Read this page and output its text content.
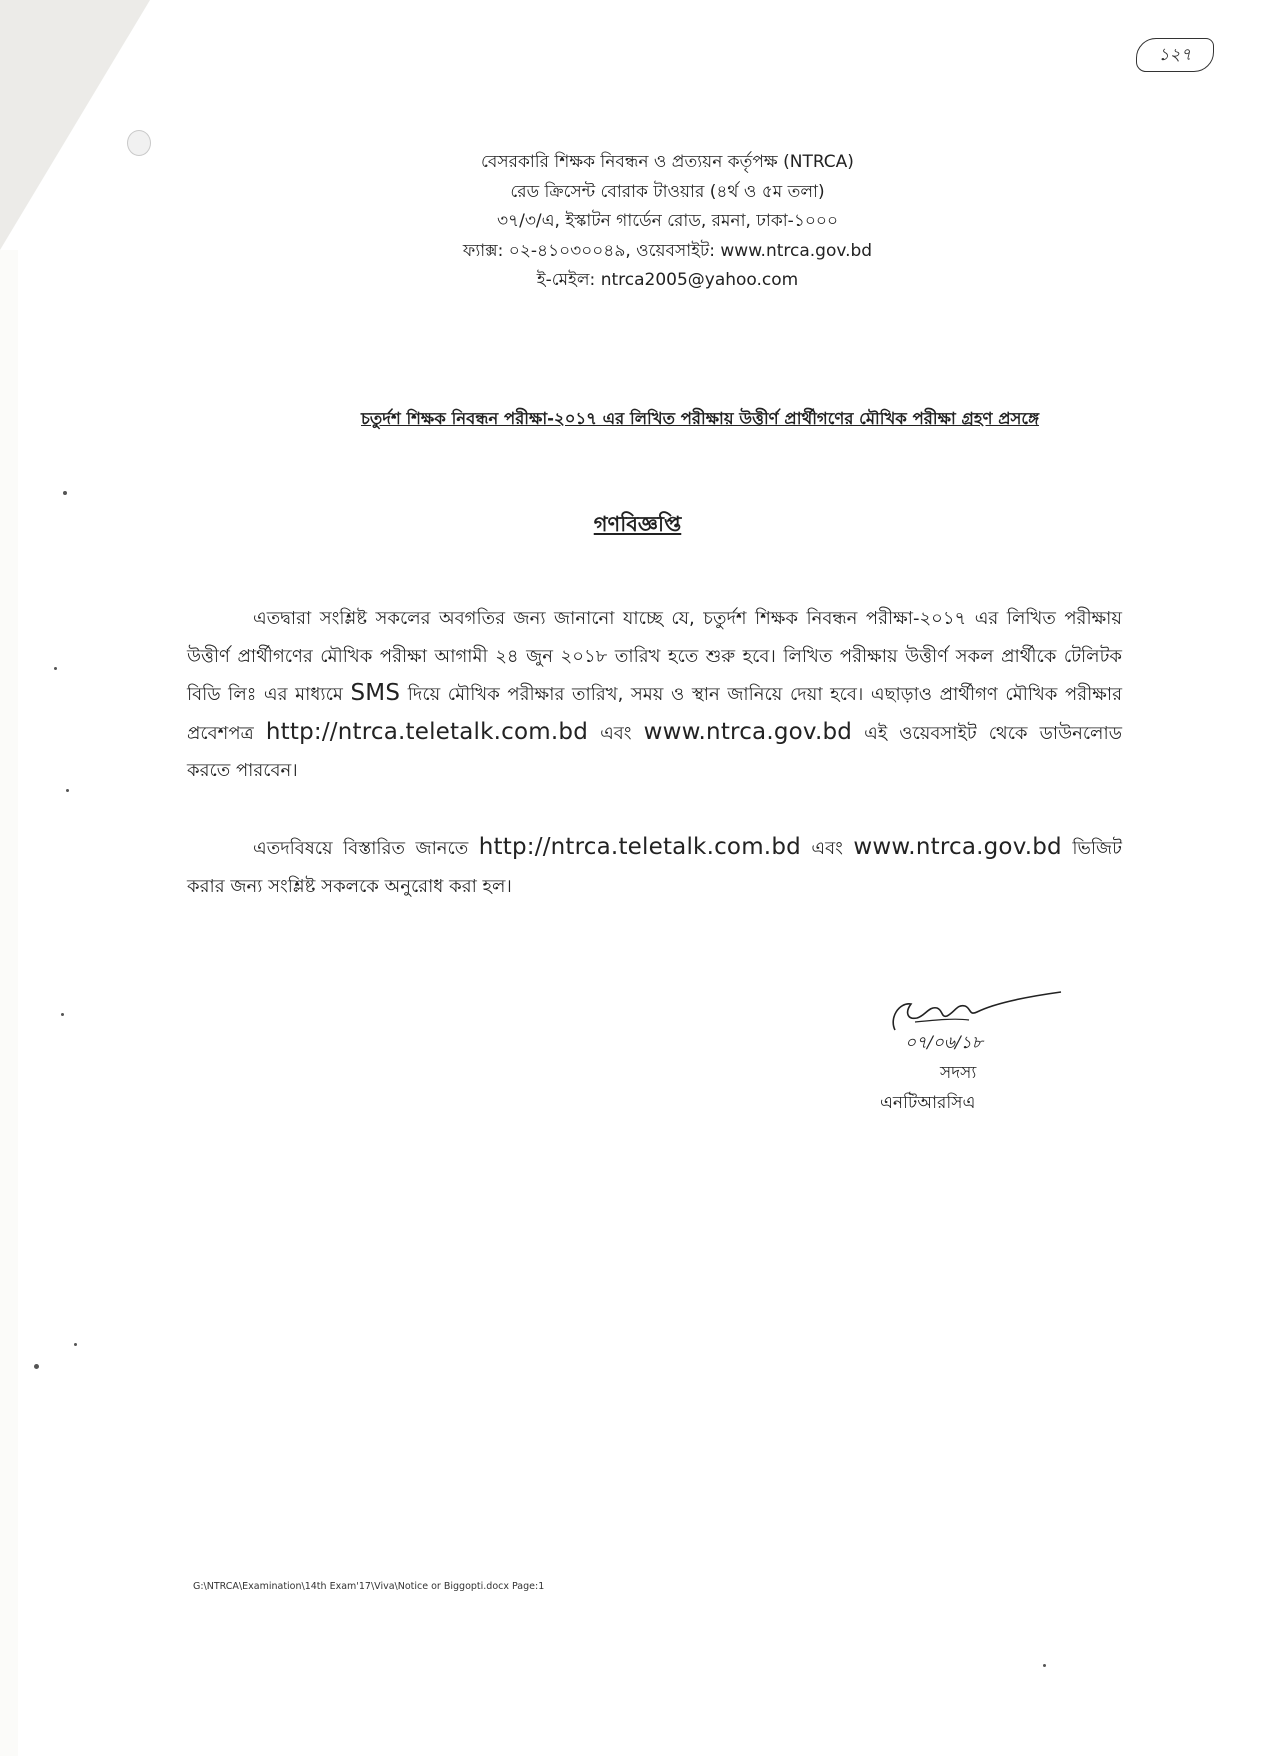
১২৭
বেসরকারি শিক্ষক নিবন্ধন ও প্রত্যয়ন কর্তৃপক্ষ (NTRCA)
রেড ক্রিসেন্ট বোরাক টাওয়ার (৪র্থ ও ৫ম তলা)
৩৭/৩/এ, ইস্কাটন গার্ডেন রোড, রমনা, ঢাকা-১০০০
ফ্যাক্স: ০২-৪১০৩০০৪৯, ওয়েবসাইট: www.ntrca.gov.bd
ই-মেইল: ntrca2005@yahoo.com
চতুর্দশ শিক্ষক নিবন্ধন পরীক্ষা-২০১৭ এর লিখিত পরীক্ষায় উত্তীর্ণ প্রার্থীগণের মৌখিক পরীক্ষা গ্রহণ প্রসঙ্গে
গণবিজ্ঞপ্তি
এতদ্বারা সংশ্লিষ্ট সকলের অবগতির জন্য জানানো যাচ্ছে যে, চতুর্দশ শিক্ষক নিবন্ধন পরীক্ষা-২০১৭ এর লিখিত পরীক্ষায় উত্তীর্ণ প্রার্থীগণের মৌখিক পরীক্ষা আগামী ২৪ জুন ২০১৮ তারিখ হতে শুরু হবে। লিখিত পরীক্ষায় উত্তীর্ণ সকল প্রার্থীকে টেলিটক বিডি লিঃ এর মাধ্যমে SMS দিয়ে মৌখিক পরীক্ষার তারিখ, সময় ও স্থান জানিয়ে দেয়া হবে। এছাড়াও প্রার্থীগণ মৌখিক পরীক্ষার প্রবেশপত্র http://ntrca.teletalk.com.bd এবং www.ntrca.gov.bd এই ওয়েবসাইট থেকে ডাউনলোড করতে পারবেন।
এতদবিষয়ে বিস্তারিত জানতে http://ntrca.teletalk.com.bd এবং www.ntrca.gov.bd ভিজিট করার জন্য সংশ্লিষ্ট সকলকে অনুরোধ করা হল।
০৭/০৬/১৮
সদস্য
এনটিআরসিএ
G:\NTRCA\Examination\14th Exam'17\Viva\Notice or Biggopti.docx Page:1
